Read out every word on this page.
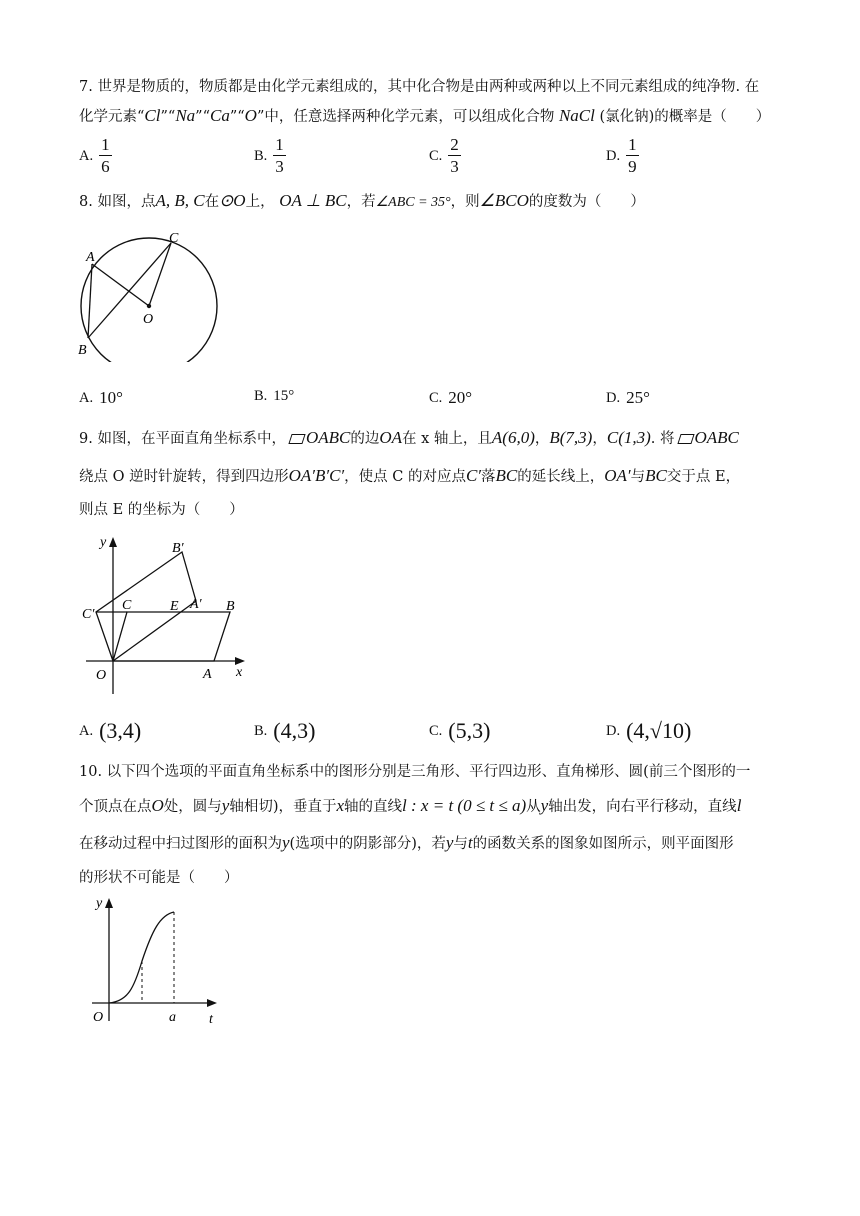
7. 世界是物质的，物质都是由化学元素组成的，其中化合物是由两种或两种以上不同元素组成的纯净物. 在
化学元素“Cl”“Na”“Ca”“O”中，任意选择两种化学元素，可以组成化合物 NaCl (氯化钠)的概率是（　　）
A. $\frac{1}{6}$	B. $\frac{1}{3}$	C. $\frac{2}{3}$	D. $\frac{1}{9}$
8. 如图，点A, B, C在⊙O上， OA ⊥ BC，若∠ABC = 35°，则∠BCO的度数为（　　）
A
B
C
O
A. 10°	B. 15°	C. 20°	D. 25°
9. 如图，在平面直角坐标系中， OABC的边OA在 x 轴上，且A(6,0)，B(7,3)，C(1,3). 将 OABC
绕点 O 逆时针旋转，得到四边形OA′B′C′，使点 C 的对应点C′落BC的延长线上，OA′与BC交于点 E，
则点 E 的坐标为（　　）
y
x
O	A
B
C
C′
E A′
B′
A. (3,4)	B. (4,3)	C. (5,3)	D. (4,√10)
10. 以下四个选项的平面直角坐标系中的图形分别是三角形、平行四边形、直角梯形、圆(前三个图形的一
个顶点在点O处，圆与y轴相切)，垂直于x轴的直线l : x = t (0 ≤ t ≤ a)从y轴出发，向右平行移动，直线l
在移动过程中扫过图形的面积为y(选项中的阴影部分)，若y与t的函数关系的图象如图所示，则平面图形
的形状不可能是（　　）
y
O	a t
